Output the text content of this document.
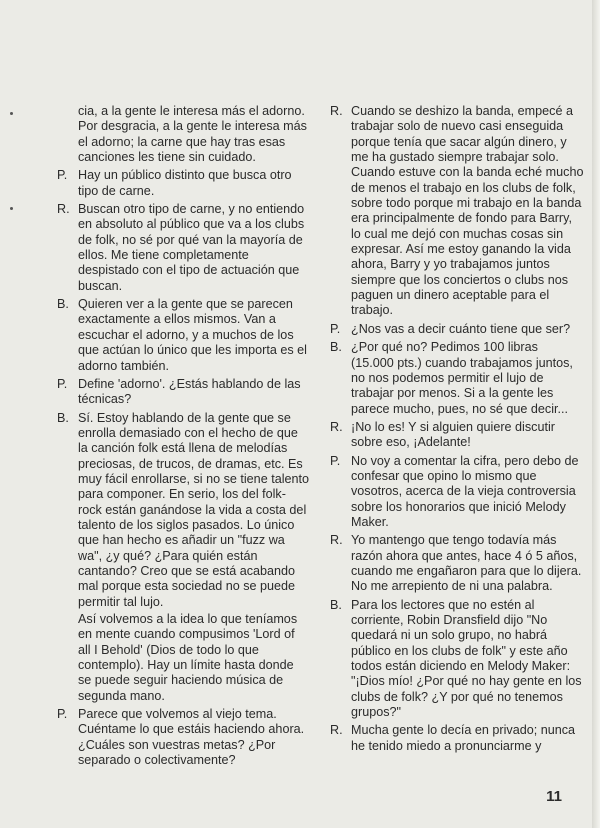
cia, a la gente le interesa más el adorno. Por desgracia, a la gente le interesa más el adorno; la carne que hay tras esas canciones les tiene sin cuidado.

P. Hay un público distinto que busca otro tipo de carne.

R. Buscan otro tipo de carne, y no entiendo en absoluto al público que va a los clubs de folk, no sé por qué van la mayoría de ellos. Me tiene completamente despistado con el tipo de actuación que buscan.

B. Quieren ver a la gente que se parecen exactamente a ellos mismos. Van a escuchar el adorno, y a muchos de los que actúan lo único que les importa es el adorno también.

P. Define 'adorno'. ¿Estás hablando de las técnicas?

B. Sí. Estoy hablando de la gente que se enrolla demasiado con el hecho de que la canción folk está llena de melodías preciosas, de trucos, de dramas, etc. Es muy fácil enrollarse, si no se tiene talento para componer. En serio, los del folk-rock están ganándose la vida a costa del talento de los siglos pasados. Lo único que han hecho es añadir un "fuzz wa wa", ¿y qué? ¿Para quién están cantando? Creo que se está acabando mal porque esta sociedad no se puede permitir tal lujo.

Así volvemos a la idea lo que teníamos en mente cuando compusimos 'Lord of all I Behold' (Dios de todo lo que contemplo). Hay un límite hasta donde se puede seguir haciendo música de segunda mano.

P. Parece que volvemos al viejo tema. Cuéntame lo que estáis haciendo ahora. ¿Cuáles son vuestras metas? ¿Por separado o colectivamente?

R. Cuando se deshizo la banda, empecé a trabajar solo de nuevo casi enseguida porque tenía que sacar algún dinero, y me ha gustado siempre trabajar solo. Cuando estuve con la banda eché mucho de menos el trabajo en los clubs de folk, sobre todo porque mi trabajo en la banda era principalmente de fondo para Barry, lo cual me dejó con muchas cosas sin expresar. Así me estoy ganando la vida ahora, Barry y yo trabajamos juntos siempre que los conciertos o clubs nos paguen un dinero aceptable para el trabajo.

P. ¿Nos vas a decir cuánto tiene que ser?

B. ¿Por qué no? Pedimos 100 libras (15.000 pts.) cuando trabajamos juntos, no nos podemos permitir el lujo de trabajar por menos. Si a la gente les parece mucho, pues, no sé que decir...

R. ¡No lo es! Y si alguien quiere discutir sobre eso, ¡Adelante!

P. No voy a comentar la cifra, pero debo de confesar que opino lo mismo que vosotros, acerca de la vieja controversia sobre los honorarios que inició Melody Maker.

R. Yo mantengo que tengo todavía más razón ahora que antes, hace 4 ó 5 años, cuando me engañaron para que lo dijera. No me arrepiento de ni una palabra.

B. Para los lectores que no estén al corriente, Robin Dransfield dijo "No quedará ni un solo grupo, no habrá público en los clubs de folk" y este año todos están diciendo en Melody Maker: "¡Dios mío! ¿Por qué no hay gente en los clubs de folk? ¿Y por qué no tenemos grupos?"

R. Mucha gente lo decía en privado; nunca he tenido miedo a pronunciarme y

11
